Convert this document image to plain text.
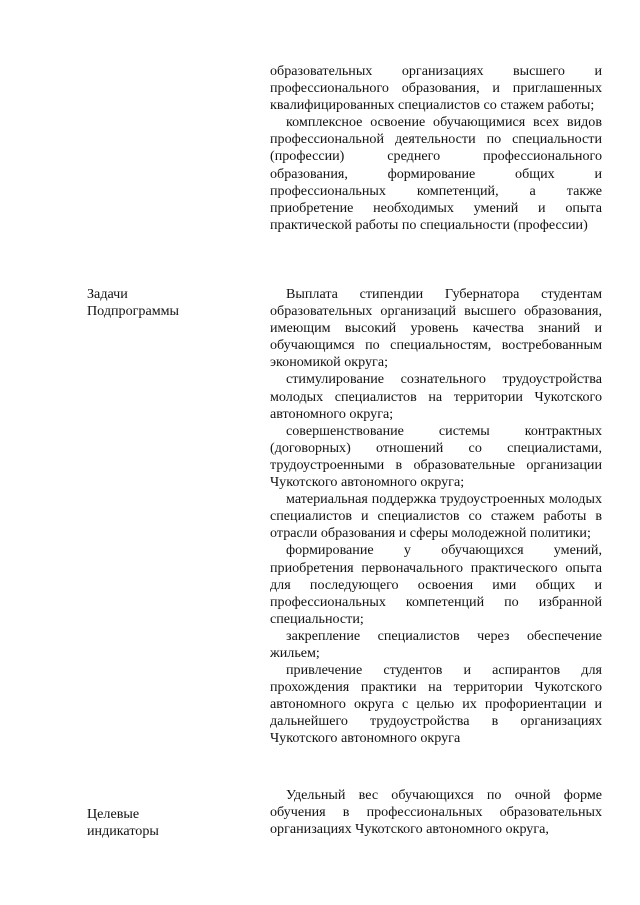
образовательных организациях высшего и профессионального образования, и приглашенных квалифицированных специалистов со стажем работы;

комплексное освоение обучающимися всех видов профессиональной деятельности по специальности (профессии) среднего профессионального образования, формирование общих и профессиональных компетенций, а также приобретение необходимых умений и опыта практической работы по специальности (профессии)

Задачи
Подпрограммы

Выплата стипендии Губернатора студентам образовательных организаций высшего образования, имеющим высокий уровень качества знаний и обучающимся по специальностям, востребованным экономикой округа;

стимулирование сознательного трудоустройства молодых специалистов на территории Чукотского автономного округа;

совершенствование системы контрактных (договорных) отношений со специалистами, трудоустроенными в образовательные организации Чукотского автономного округа;

материальная поддержка трудоустроенных молодых специалистов и специалистов со стажем работы в отрасли образования и сферы молодежной политики;

формирование у обучающихся умений, приобретения первоначального практического опыта для последующего освоения ими общих и профессиональных компетенций по избранной специальности;

закрепление специалистов через обеспечение жильем;

привлечение студентов и аспирантов для прохождения практики на территории Чукотского автономного округа с целью их профориентации и дальнейшего трудоустройства в организациях Чукотского автономного округа

Целевые
индикаторы

Удельный вес обучающихся по очной форме обучения в профессиональных образовательных организациях Чукотского автономного округа,
